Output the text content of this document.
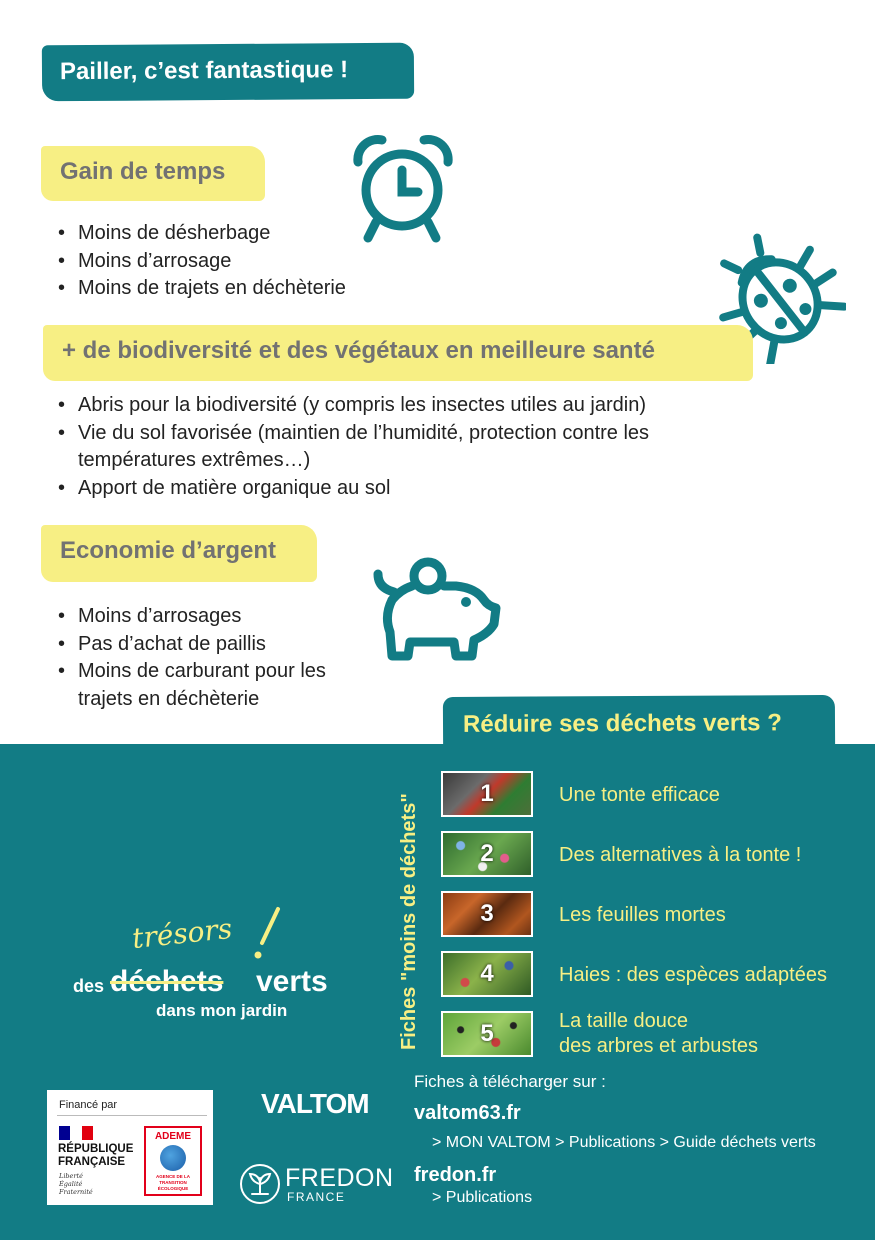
Pailler, c’est fantastique !
Gain de temps
• Moins de désherbage
• Moins d’arrosage
• Moins de trajets en déchèterie
+ de biodiversité et des végétaux en meilleure santé
• Abris pour la biodiversité (y compris les insectes utiles au jardin)
• Vie du sol favorisée (maintien de l’humidité, protection contre les températures extrêmes…)
• Apport de matière organique au sol
Economie d’argent
• Moins d’arrosages
• Pas d’achat de paillis
• Moins de carburant pour les trajets en déchèterie
Réduire ses déchets verts ?
Fiches "moins de déchets"	1	Une tonte efficace
2	Des alternatives à la tonte !
3	Les feuilles mortes
4	Haies : des espèces adaptées
5	La taille douce
des arbres et arbustes
Fiches à télécharger sur :
valtom63.fr
> MON VALTOM > Publications > Guide déchets verts
fredon.fr
> Publications
trésors
des déchets verts
dans mon jardin
Financé par
RÉPUBLIQUE FRANÇAISE
Liberté Égalité Fraternité
ADEME
AGENCE DE LA TRANSITION ÉCOLOGIQUE
VALTOM
FREDON
FRANCE
